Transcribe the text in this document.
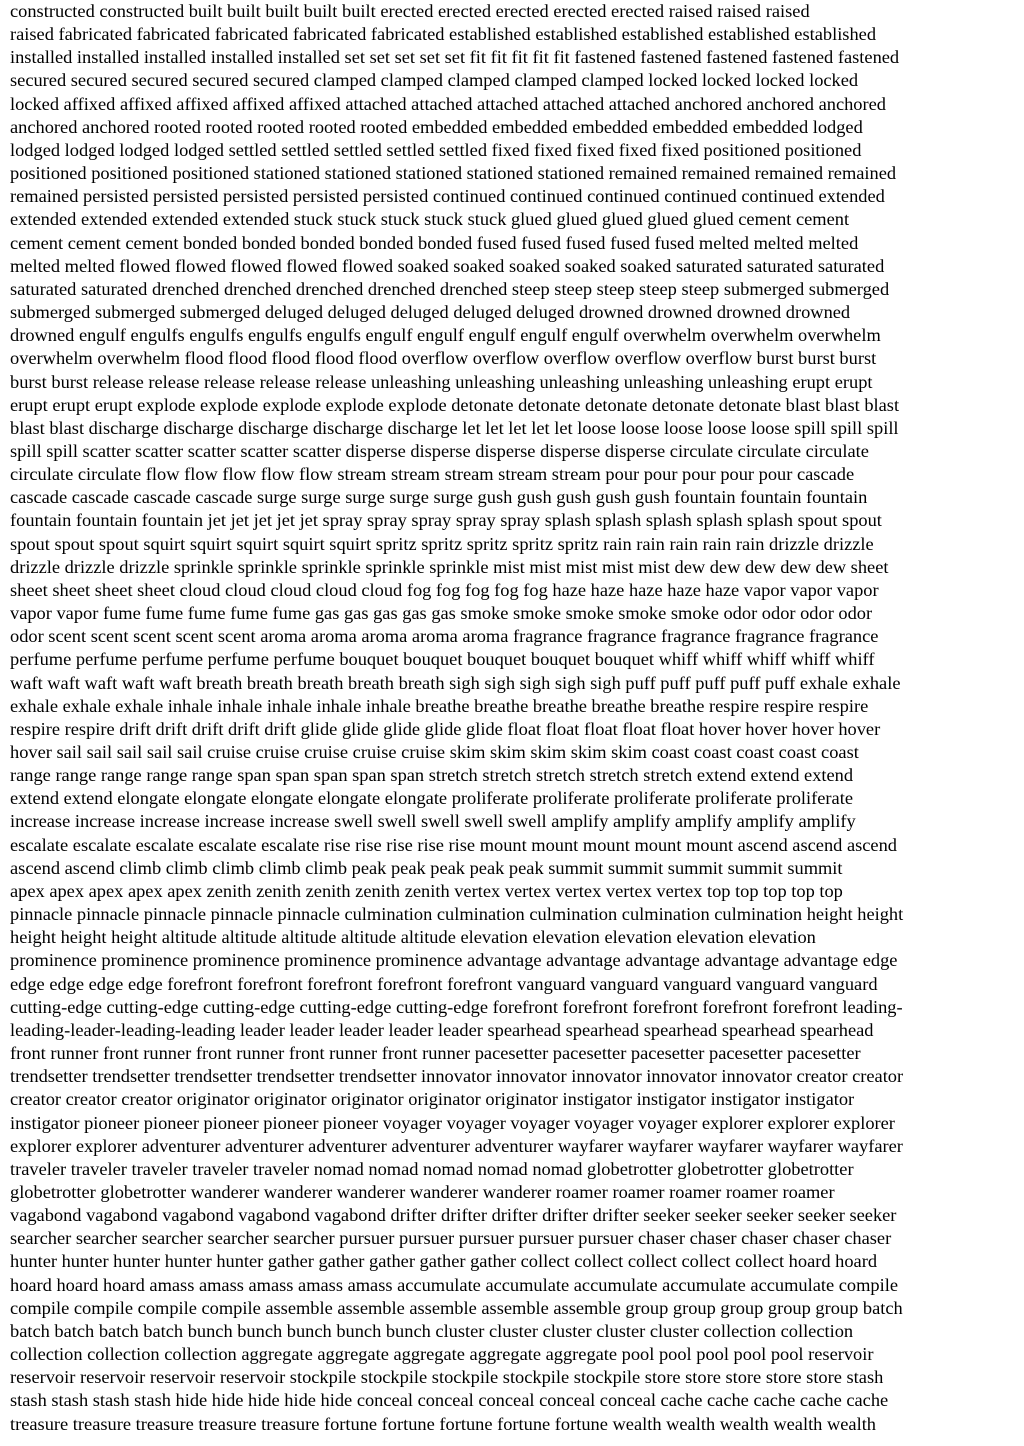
constructed constructed built built built built built erected erected erected erected erected raised raised raised
raised fabricated fabricated fabricated fabricated fabricated established established established established established
installed installed installed installed installed set set set set set fit fit fit fit fit fastened fastened fastened fastened fastened
secured secured secured secured secured clamped clamped clamped clamped clamped locked locked locked locked
locked affixed affixed affixed affixed affixed attached attached attached attached attached anchored anchored anchored
anchored anchored rooted rooted rooted rooted rooted embedded embedded embedded embedded embedded lodged
lodged lodged lodged lodged settled settled settled settled settled fixed fixed fixed fixed fixed positioned positioned
positioned positioned positioned stationed stationed stationed stationed stationed remained remained remained remained
remained persisted persisted persisted persisted persisted continued continued continued continued continued extended
extended extended extended extended stuck stuck stuck stuck stuck glued glued glued glued glued cement cement
cement cement cement bonded bonded bonded bonded bonded fused fused fused fused fused melted melted melted
melted melted flowed flowed flowed flowed flowed soaked soaked soaked soaked soaked saturated saturated saturated
saturated saturated drenched drenched drenched drenched drenched steep steep steep steep steep submerged submerged
submerged submerged submerged deluged deluged deluged deluged deluged drowned drowned drowned drowned
drowned engulf engulfs engulfs engulfs engulfs engulf engulf engulf engulf engulf overwhelm overwhelm overwhelm
overwhelm overwhelm flood flood flood flood flood overflow overflow overflow overflow overflow burst burst burst
burst burst release release release release release unleashing unleashing unleashing unleashing unleashing erupt erupt
erupt erupt erupt explode explode explode explode explode detonate detonate detonate detonate detonate blast blast blast
blast blast discharge discharge discharge discharge discharge let let let let let loose loose loose loose loose spill spill spill
spill spill scatter scatter scatter scatter scatter disperse disperse disperse disperse disperse circulate circulate circulate
circulate circulate flow flow flow flow flow stream stream stream stream stream pour pour pour pour pour cascade
cascade cascade cascade cascade surge surge surge surge surge gush gush gush gush gush fountain fountain fountain
fountain fountain fountain jet jet jet jet jet spray spray spray spray spray splash splash splash splash splash spout spout
spout spout spout squirt squirt squirt squirt squirt spritz spritz spritz spritz spritz rain rain rain rain rain drizzle drizzle
drizzle drizzle drizzle sprinkle sprinkle sprinkle sprinkle sprinkle mist mist mist mist mist dew dew dew dew dew sheet
sheet sheet sheet sheet cloud cloud cloud cloud cloud fog fog fog fog fog haze haze haze haze haze vapor vapor vapor
vapor vapor fume fume fume fume fume gas gas gas gas gas smoke smoke smoke smoke smoke odor odor odor odor
odor scent scent scent scent scent aroma aroma aroma aroma aroma fragrance fragrance fragrance fragrance fragrance
perfume perfume perfume perfume perfume bouquet bouquet bouquet bouquet bouquet whiff whiff whiff whiff whiff
waft waft waft waft waft breath breath breath breath breath sigh sigh sigh sigh sigh puff puff puff puff puff exhale exhale
exhale exhale exhale inhale inhale inhale inhale inhale breathe breathe breathe breathe breathe respire respire respire
respire respire drift drift drift drift drift glide glide glide glide glide float float float float float hover hover hover hover
hover sail sail sail sail sail cruise cruise cruise cruise cruise skim skim skim skim skim coast coast coast coast coast
range range range range range span span span span span stretch stretch stretch stretch stretch extend extend extend
extend extend elongate elongate elongate elongate elongate proliferate proliferate proliferate proliferate proliferate
increase increase increase increase increase swell swell swell swell swell amplify amplify amplify amplify amplify
escalate escalate escalate escalate escalate rise rise rise rise rise mount mount mount mount mount ascend ascend ascend
ascend ascend climb climb climb climb climb peak peak peak peak peak summit summit summit summit summit
apex apex apex apex apex zenith zenith zenith zenith zenith vertex vertex vertex vertex vertex top top top top top
pinnacle pinnacle pinnacle pinnacle pinnacle culmination culmination culmination culmination culmination height height
height height height altitude altitude altitude altitude altitude elevation elevation elevation elevation elevation
prominence prominence prominence prominence prominence advantage advantage advantage advantage advantage edge
edge edge edge edge forefront forefront forefront forefront forefront vanguard vanguard vanguard vanguard vanguard
cutting-edge cutting-edge cutting-edge cutting-edge cutting-edge forefront forefront forefront forefront forefront leading-
leading-leader-leading-leading leader leader leader leader leader spearhead spearhead spearhead spearhead spearhead
front runner front runner front runner front runner front runner pacesetter pacesetter pacesetter pacesetter pacesetter
trendsetter trendsetter trendsetter trendsetter trendsetter innovator innovator innovator innovator innovator creator creator
creator creator creator originator originator originator originator originator instigator instigator instigator instigator
instigator pioneer pioneer pioneer pioneer pioneer voyager voyager voyager voyager voyager explorer explorer explorer
explorer explorer adventurer adventurer adventurer adventurer adventurer wayfarer wayfarer wayfarer wayfarer wayfarer
traveler traveler traveler traveler traveler nomad nomad nomad nomad nomad globetrotter globetrotter globetrotter
globetrotter globetrotter wanderer wanderer wanderer wanderer wanderer roamer roamer roamer roamer roamer
vagabond vagabond vagabond vagabond vagabond drifter drifter drifter drifter drifter seeker seeker seeker seeker seeker
searcher searcher searcher searcher searcher pursuer pursuer pursuer pursuer pursuer chaser chaser chaser chaser chaser
hunter hunter hunter hunter hunter gather gather gather gather gather collect collect collect collect collect hoard hoard
hoard hoard hoard amass amass amass amass amass accumulate accumulate accumulate accumulate accumulate compile
compile compile compile compile assemble assemble assemble assemble assemble group group group group group batch
batch batch batch batch bunch bunch bunch bunch bunch cluster cluster cluster cluster cluster collection collection
collection collection collection aggregate aggregate aggregate aggregate aggregate pool pool pool pool pool reservoir
reservoir reservoir reservoir reservoir stockpile stockpile stockpile stockpile stockpile store store store store store stash
stash stash stash stash hide hide hide hide hide conceal conceal conceal conceal conceal cache cache cache cache cache
treasure treasure treasure treasure treasure fortune fortune fortune fortune fortune wealth wealth wealth wealth wealth
